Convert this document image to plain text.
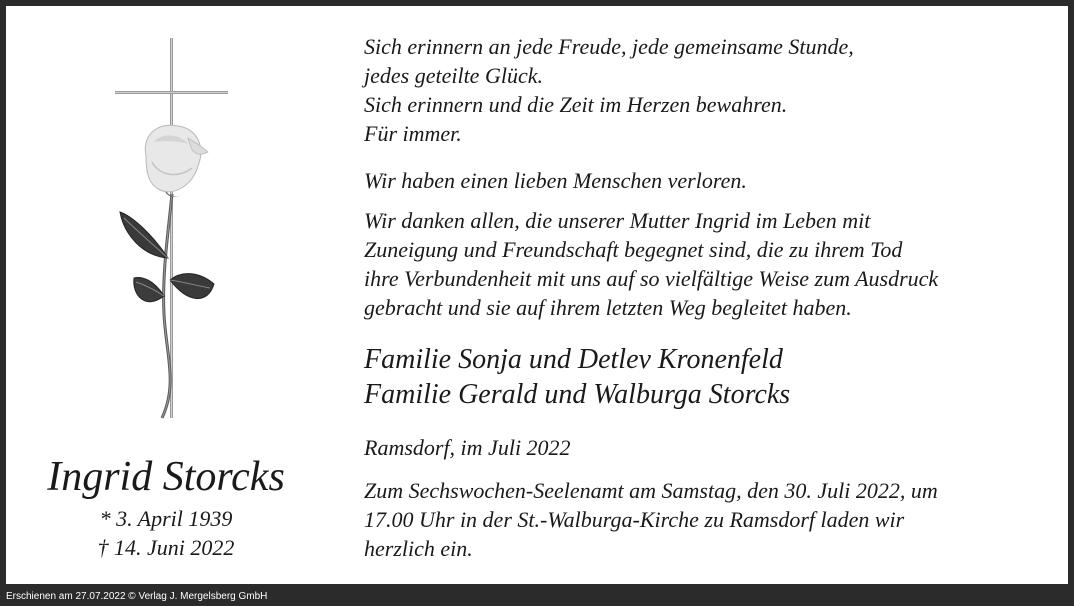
Ingrid Storcks
* 3. April 1939
† 14. Juni 2022
Sich erinnern an jede Freude, jede gemeinsame Stunde,
jedes geteilte Glück.
Sich erinnern und die Zeit im Herzen bewahren.
Für immer.
Wir haben einen lieben Menschen verloren.
Wir danken allen, die unserer Mutter Ingrid im Leben mit
Zuneigung und Freundschaft begegnet sind, die zu ihrem Tod
ihre Verbundenheit mit uns auf so vielfältige Weise zum Ausdruck
gebracht und sie auf ihrem letzten Weg begleitet haben.
Familie Sonja und Detlev Kronenfeld
Familie Gerald und Walburga Storcks
Ramsdorf, im Juli 2022
Zum Sechswochen-Seelenamt am Samstag, den 30. Juli 2022, um
17.00 Uhr in der St.-Walburga-Kirche zu Ramsdorf laden wir
herzlich ein.
Erschienen am 27.07.2022 © Verlag J. Mergelsberg GmbH
